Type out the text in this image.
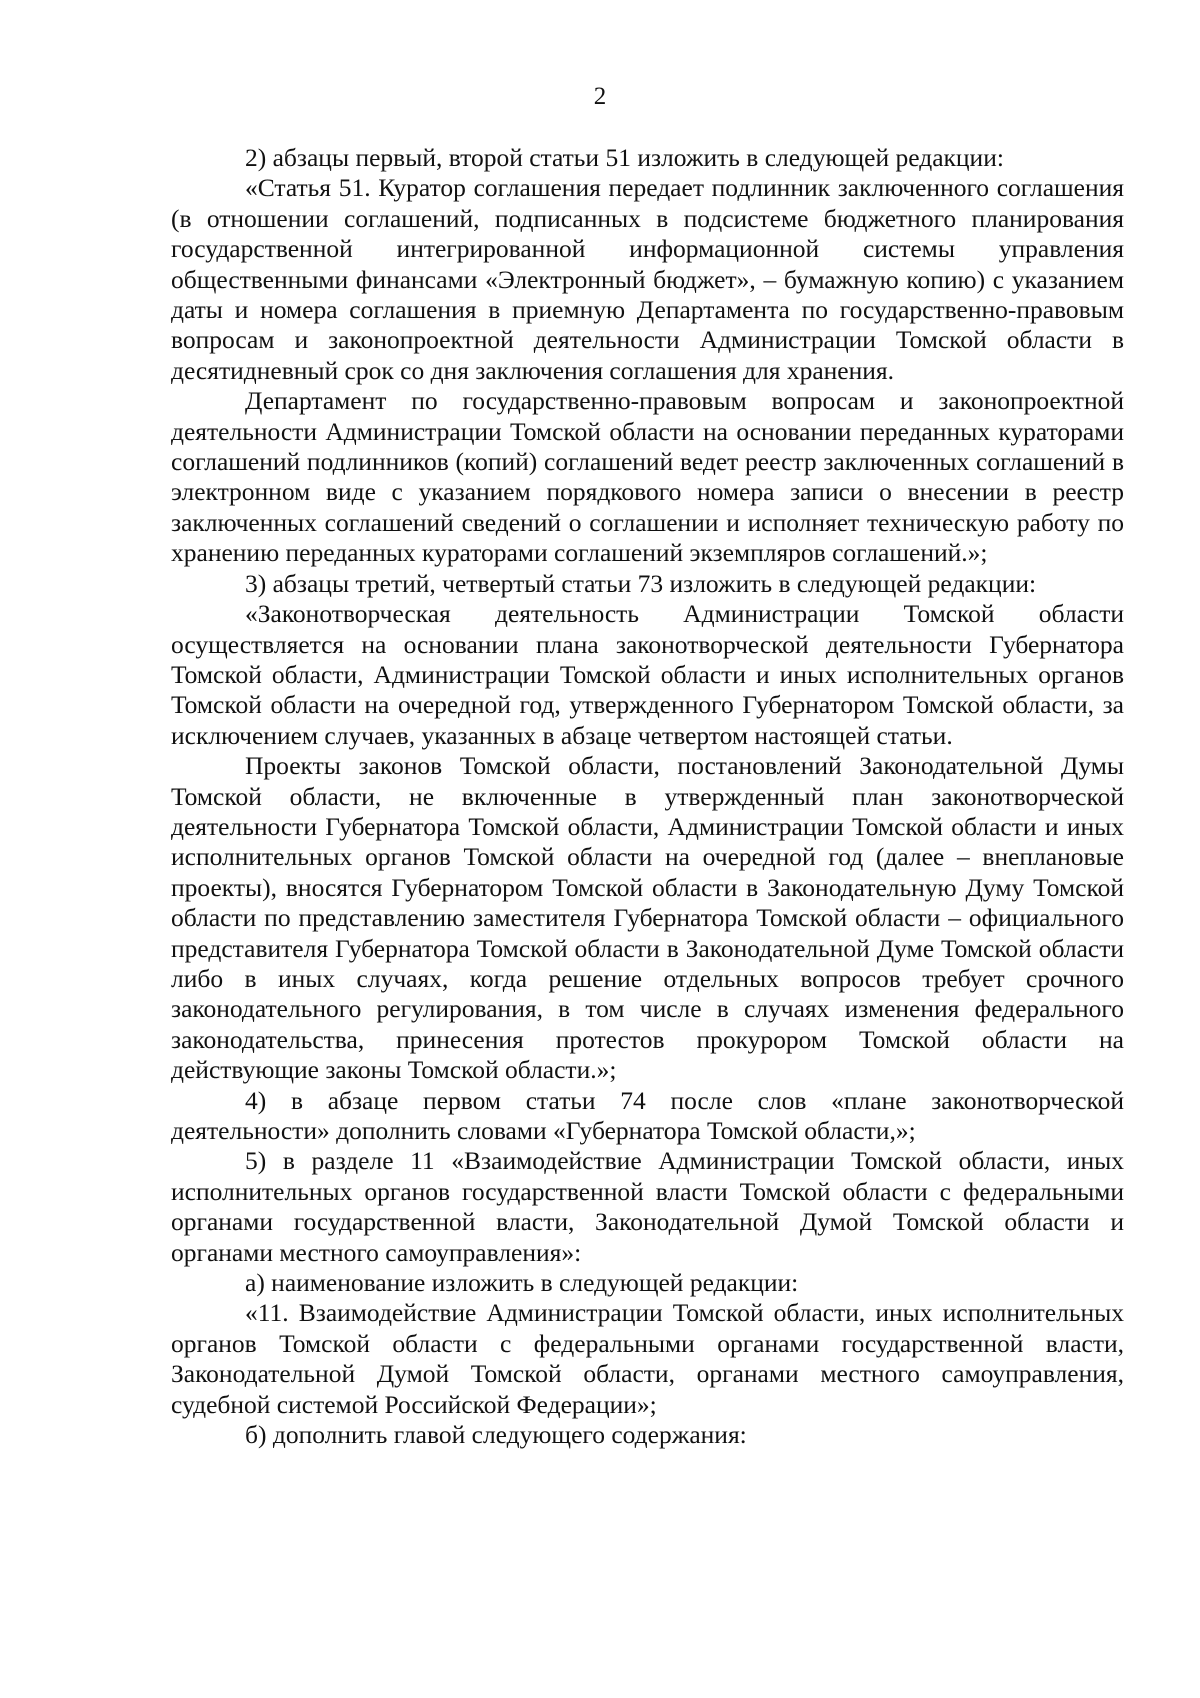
2

2) абзацы первый, второй статьи 51 изложить в следующей редакции:

«Статья 51. Куратор соглашения передает подлинник заключенного соглашения (в отношении соглашений, подписанных в подсистеме бюджетного планирования государственной интегрированной информационной системы управления общественными финансами «Электронный бюджет», – бумажную копию) с указанием даты и номера соглашения в приемную Департамента по государственно-правовым вопросам и законопроектной деятельности Администрации Томской области в десятидневный срок со дня заключения соглашения для хранения.

Департамент по государственно-правовым вопросам и законопроектной деятельности Администрации Томской области на основании переданных кураторами соглашений подлинников (копий) соглашений ведет реестр заключенных соглашений в электронном виде с указанием порядкового номера записи о внесении в реестр заключенных соглашений сведений о соглашении и исполняет техническую работу по хранению переданных кураторами соглашений экземпляров соглашений.»;

3) абзацы третий, четвертый статьи 73 изложить в следующей редакции:

«Законотворческая деятельность Администрации Томской области осуществляется на основании плана законотворческой деятельности Губернатора Томской области, Администрации Томской области и иных исполнительных органов Томской области на очередной год, утвержденного Губернатором Томской области, за исключением случаев, указанных в абзаце четвертом настоящей статьи.

Проекты законов Томской области, постановлений Законодательной Думы Томской области, не включенные в утвержденный план законотворческой деятельности Губернатора Томской области, Администрации Томской области и иных исполнительных органов Томской области на очередной год (далее – внеплановые проекты), вносятся Губернатором Томской области в Законодательную Думу Томской области по представлению заместителя Губернатора Томской области – официального представителя Губернатора Томской области в Законодательной Думе Томской области либо в иных случаях, когда решение отдельных вопросов требует срочного законодательного регулирования, в том числе в случаях изменения федерального законодательства, принесения протестов прокурором Томской области на действующие законы Томской области.»;

4) в абзаце первом статьи 74 после слов «плане законотворческой деятельности» дополнить словами «Губернатора Томской области,»;

5) в разделе 11 «Взаимодействие Администрации Томской области, иных исполнительных органов государственной власти Томской области с федеральными органами государственной власти, Законодательной Думой Томской области и органами местного самоуправления»:

а) наименование изложить в следующей редакции:

«11. Взаимодействие Администрации Томской области, иных исполнительных органов Томской области с федеральными органами государственной власти, Законодательной Думой Томской области, органами местного самоуправления, судебной системой Российской Федерации»;

б) дополнить главой следующего содержания:
